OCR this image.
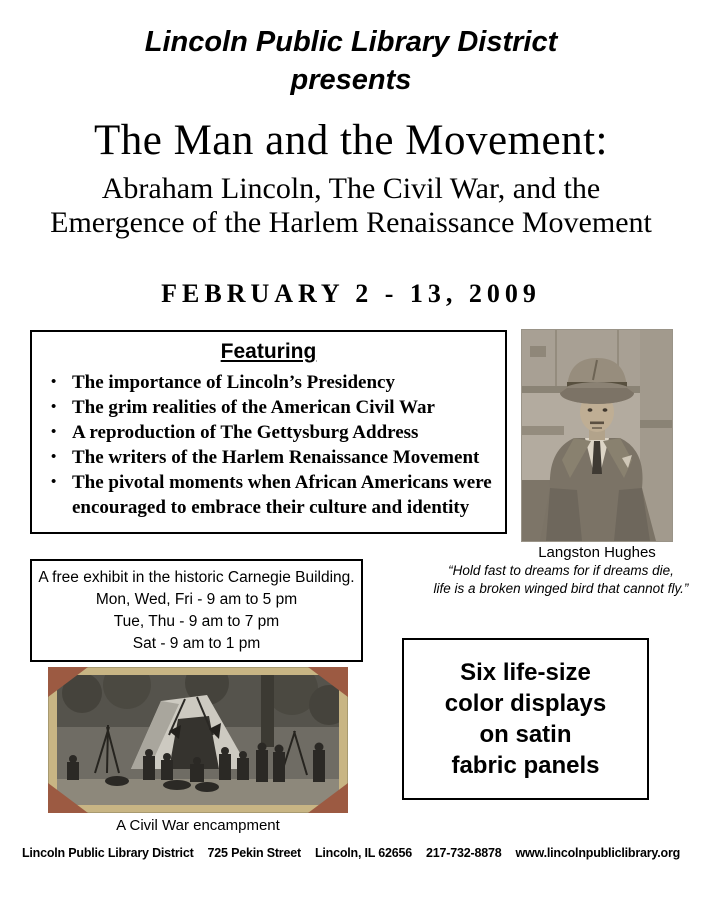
Lincoln Public Library District
presents
The Man and the Movement:
Abraham Lincoln, The Civil War, and the
Emergence of the Harlem Renaissance Movement
FEBRUARY 2 - 13, 2009
Featuring
• The importance of Lincoln’s Presidency
• The grim realities of the American Civil War
• A reproduction of The Gettysburg Address
• The writers of the Harlem Renaissance Movement
• The pivotal moments when African Americans were encouraged to embrace their culture and identity
Langston Hughes
“Hold fast to dreams for if dreams die,
life is a broken winged bird that cannot fly.”
A free exhibit in the historic Carnegie Building.
Mon, Wed, Fri - 9 am to 5 pm
Tue, Thu - 9 am to 7 pm
Sat - 9 am to 1 pm
A Civil War encampment
Six life-size
color displays
on satin
fabric panels
Lincoln Public Library District 725 Pekin Street Lincoln, IL 62656 217-732-8878 www.lincolnpubliclibrary.org
